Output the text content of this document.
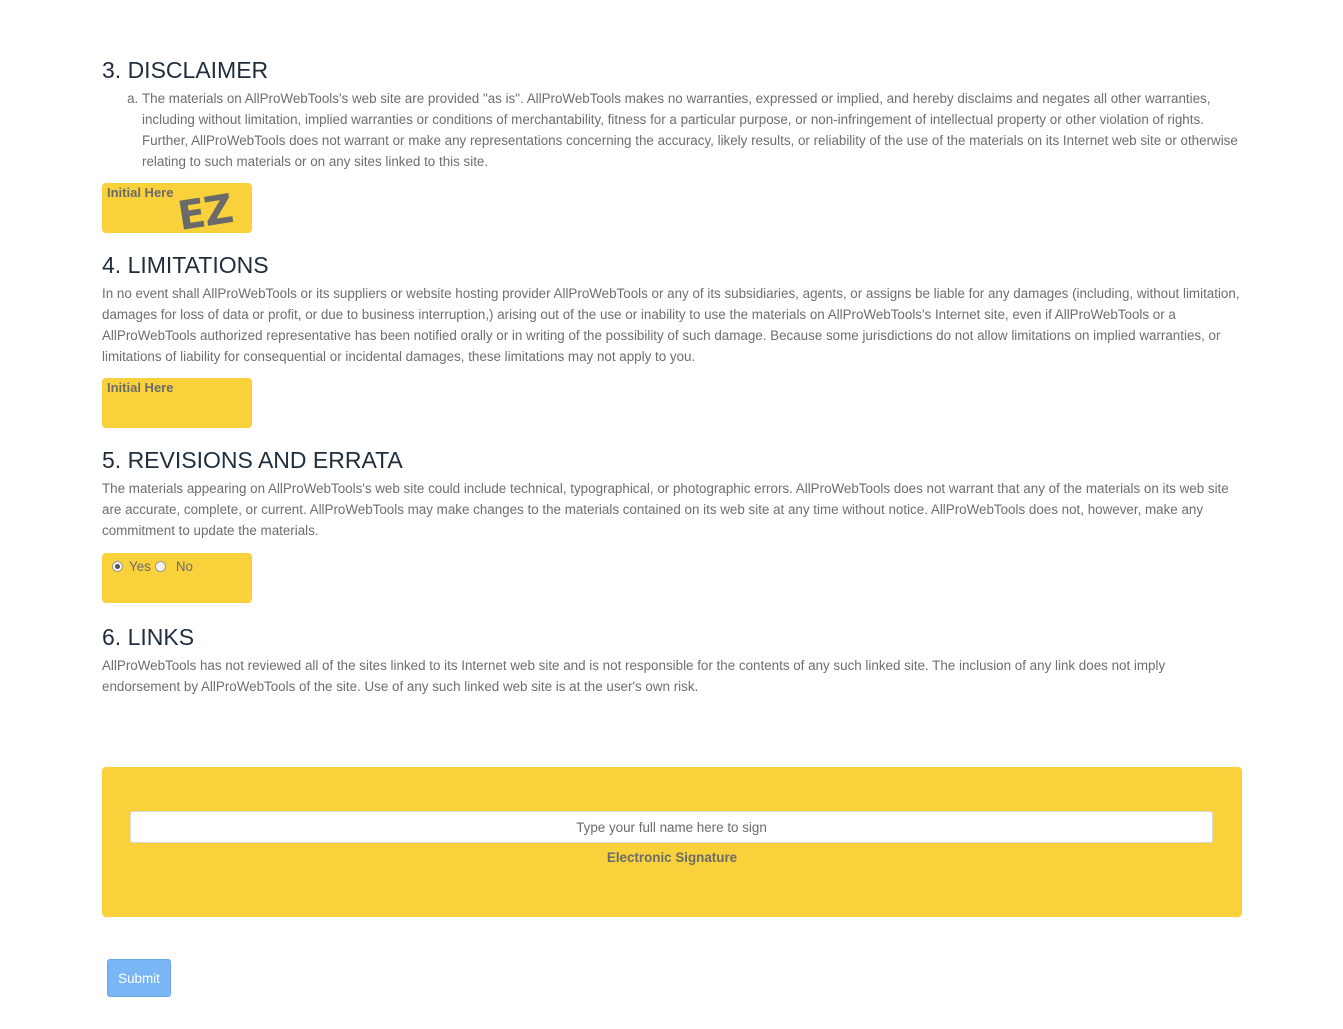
3. DISCLAIMER
a. The materials on AllProWebTools's web site are provided "as is". AllProWebTools makes no warranties, expressed or implied, and hereby disclaims and negates all other warranties, including without limitation, implied warranties or conditions of merchantability, fitness for a particular purpose, or non-infringement of intellectual property or other violation of rights. Further, AllProWebTools does not warrant or make any representations concerning the accuracy, likely results, or reliability of the use of the materials on its Internet web site or otherwise relating to such materials or on any sites linked to this site.
Initial Here EZ
4. LIMITATIONS

In no event shall AllProWebTools or its suppliers or website hosting provider AllProWebTools or any of its subsidiaries, agents, or assigns be liable for any damages (including, without limitation, damages for loss of data or profit, or due to business interruption,) arising out of the use or inability to use the materials on AllProWebTools's Internet site, even if AllProWebTools or a AllProWebTools authorized representative has been notified orally or in writing of the possibility of such damage. Because some jurisdictions do not allow limitations on implied warranties, or limitations of liability for consequential or incidental damages, these limitations may not apply to you.

Initial Here
5. REVISIONS AND ERRATA

The materials appearing on AllProWebTools's web site could include technical, typographical, or photographic errors. AllProWebTools does not warrant that any of the materials on its web site are accurate, complete, or current. AllProWebTools may make changes to the materials contained on its web site at any time without notice. AllProWebTools does not, however, make any commitment to update the materials.

Yes No
6. LINKS

AllProWebTools has not reviewed all of the sites linked to its Internet web site and is not responsible for the contents of any such linked site. The inclusion of any link does not imply endorsement by AllProWebTools of the site. Use of any such linked web site is at the user's own risk.

Type your full name here to sign
Electronic Signature
Submit
